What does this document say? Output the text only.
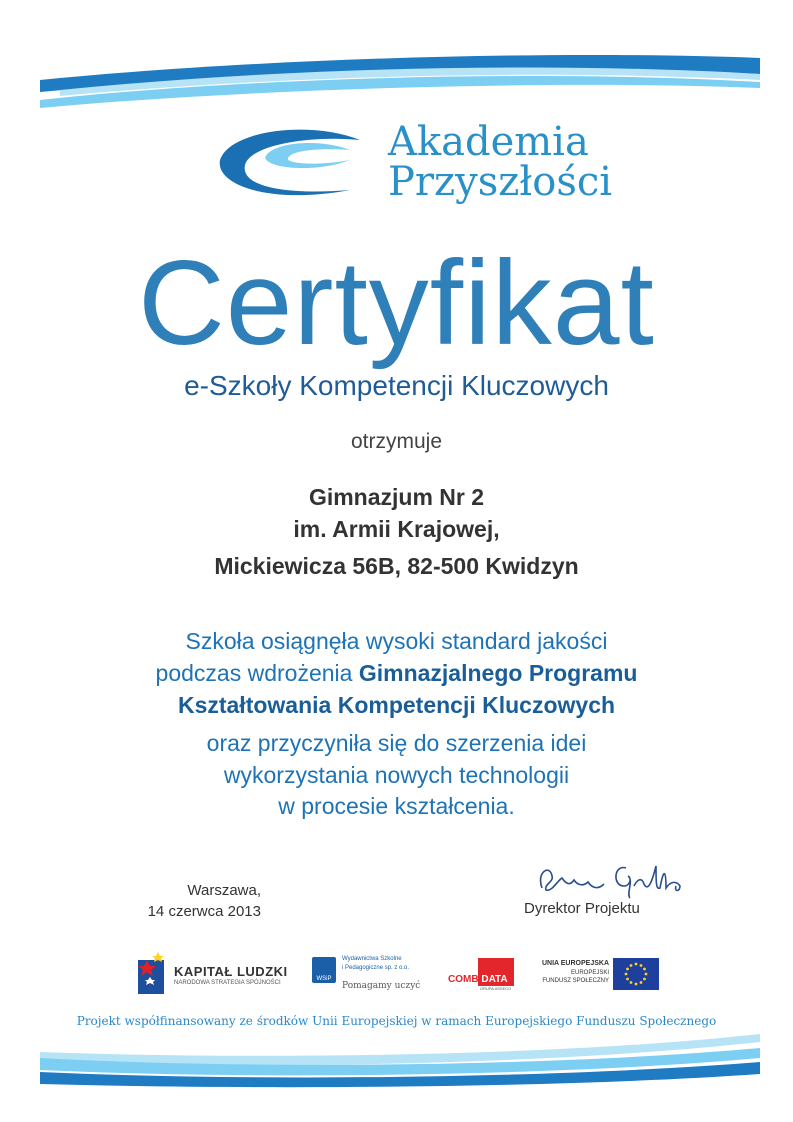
Akademia
Przyszłości
Certyfikat
e-Szkoły Kompetencji Kluczowych
otrzymuje
Gimnazjum Nr 2
im. Armii Krajowej,
Mickiewicza 56B, 82-500 Kwidzyn
Szkoła osiągnęła wysoki standard jakości
podczas wdrożenia Gimnazjalnego Programu
Kształtowania Kompetencji Kluczowych
oraz przyczyniła się do szerzenia idei
wykorzystania nowych technologii
w procesie kształcenia.
Warszawa,
14 czerwca 2013	Dyrektor Projektu
KAPITAŁ LUDZKI
NARODOWA STRATEGIA SPÓJNOŚCI
WSiP
Wydawnictwa Szkolne
i Pedagogiczne sp. z o.o.
Pomagamy uczyć
COMBIDATA
GRUPA ASSECO
UNIA EUROPEJSKA
EUROPEJSKI
FUNDUSZ SPOŁECZNY
Projekt współfinansowany ze środków Unii Europejskiej w ramach Europejskiego Funduszu Społecznego
